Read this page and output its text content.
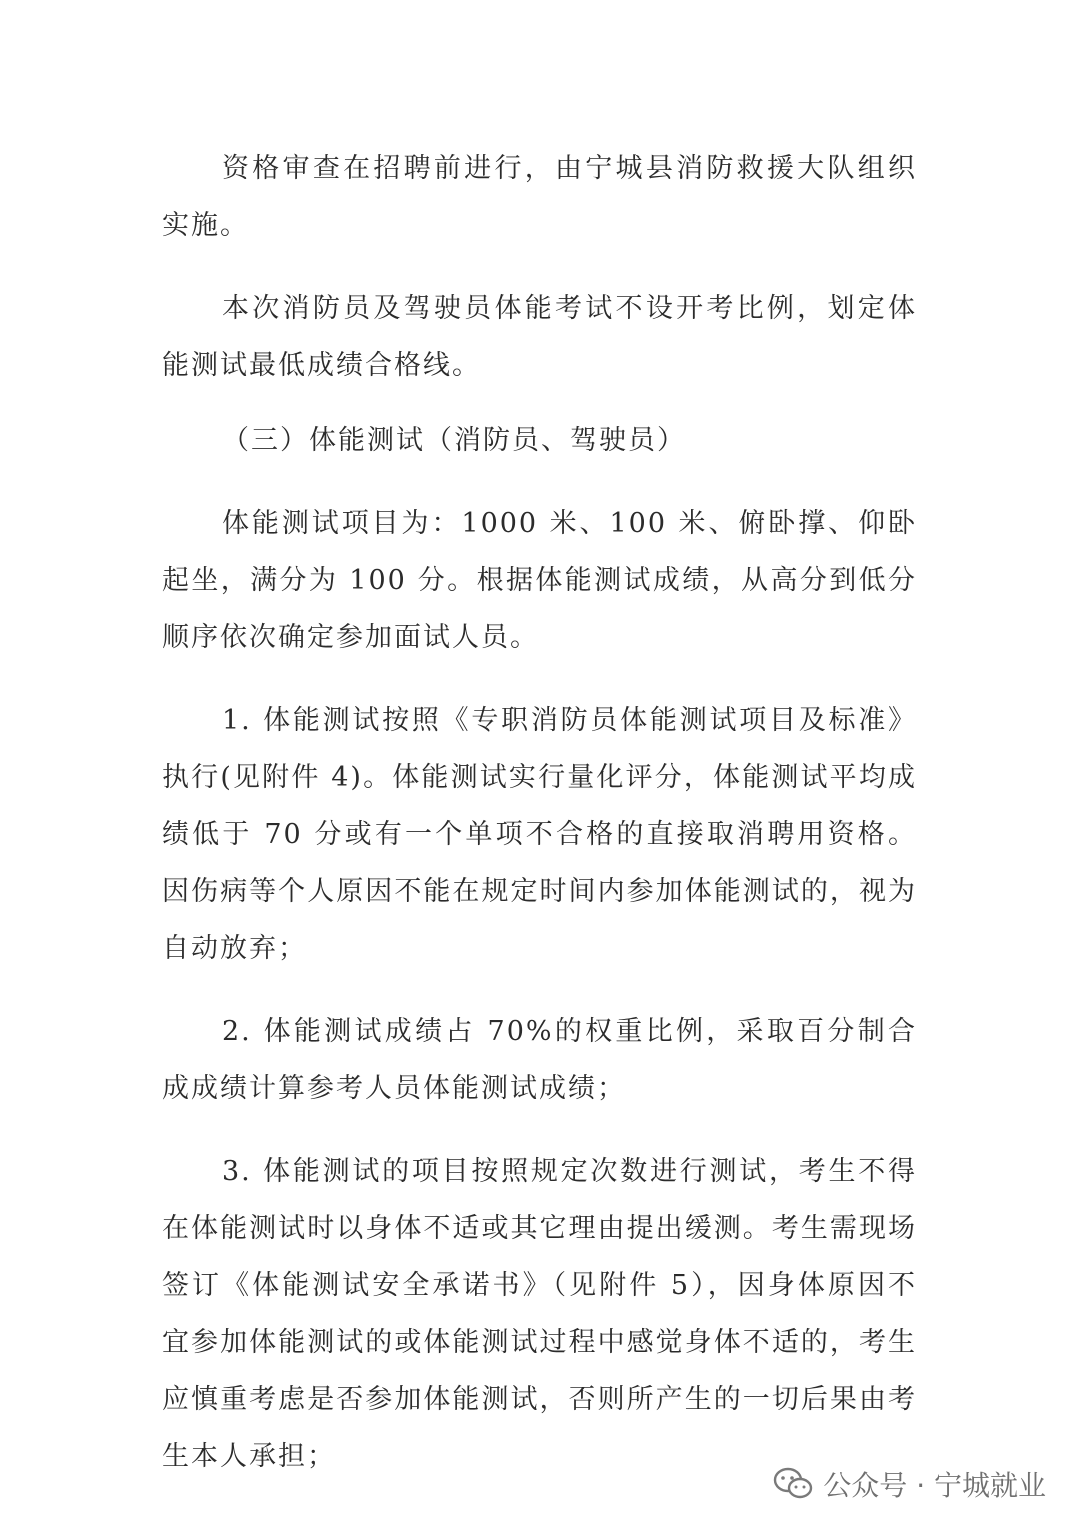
资格审查在招聘前进行，由宁城县消防救援大队组织实施。

本次消防员及驾驶员体能考试不设开考比例，划定体能测试最低成绩合格线。

（三）体能测试（消防员、驾驶员）

体能测试项目为：1000 米、100 米、俯卧撑、仰卧起坐，满分为 100 分。根据体能测试成绩，从高分到低分顺序依次确定参加面试人员。

1. 体能测试按照《专职消防员体能测试项目及标准》执行(见附件 4)。体能测试实行量化评分，体能测试平均成绩低于 70 分或有一个单项不合格的直接取消聘用资格。因伤病等个人原因不能在规定时间内参加体能测试的，视为自动放弃；

2. 体能测试成绩占 70%的权重比例，采取百分制合成成绩计算参考人员体能测试成绩；

3. 体能测试的项目按照规定次数进行测试，考生不得在体能测试时以身体不适或其它理由提出缓测。考生需现场签订《体能测试安全承诺书》（见附件 5），因身体原因不宜参加体能测试的或体能测试过程中感觉身体不适的，考生应慎重考虑是否参加体能测试，否则所产生的一切后果由考生本人承担；

公众号 · 宁城就业
